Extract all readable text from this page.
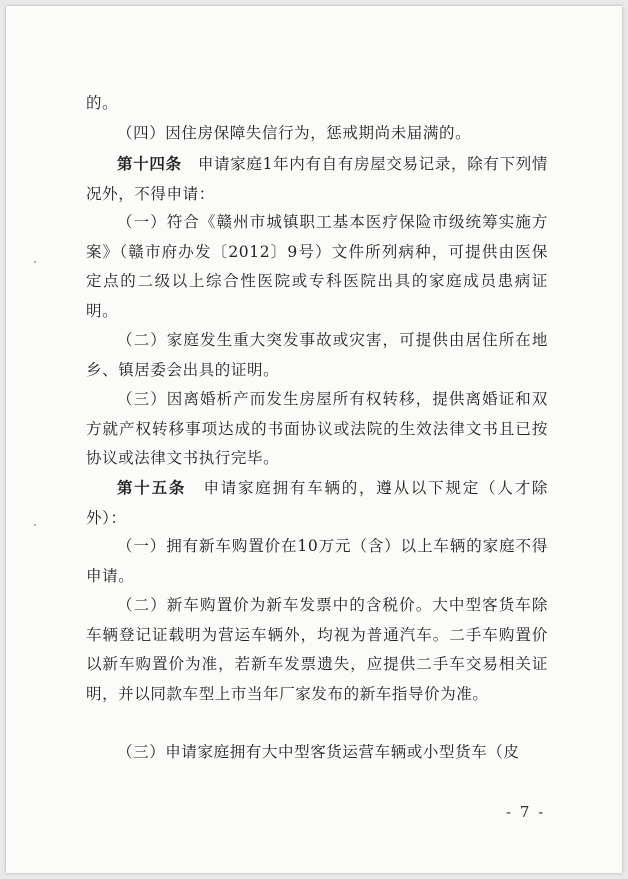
的。

（四）因住房保障失信行为，惩戒期尚未届满的。

第十四条　申请家庭1年内有自有房屋交易记录，除有下列情况外，不得申请：

（一）符合《赣州市城镇职工基本医疗保险市级统筹实施方案》（赣市府办发〔2012〕9号）文件所列病种，可提供由医保定点的二级以上综合性医院或专科医院出具的家庭成员患病证明。

（二）家庭发生重大突发事故或灾害，可提供由居住所在地乡、镇居委会出具的证明。

（三）因离婚析产而发生房屋所有权转移，提供离婚证和双方就产权转移事项达成的书面协议或法院的生效法律文书且已按协议或法律文书执行完毕。

第十五条　申请家庭拥有车辆的，遵从以下规定（人才除外）：

（一）拥有新车购置价在10万元（含）以上车辆的家庭不得申请。

（二）新车购置价为新车发票中的含税价。大中型客货车除车辆登记证载明为营运车辆外，均视为普通汽车。二手车购置价以新车购置价为准，若新车发票遗失，应提供二手车交易相关证明，并以同款车型上市当年厂家发布的新车指导价为准。

（三）申请家庭拥有大中型客货运营车辆或小型货车（皮

- 7 -
